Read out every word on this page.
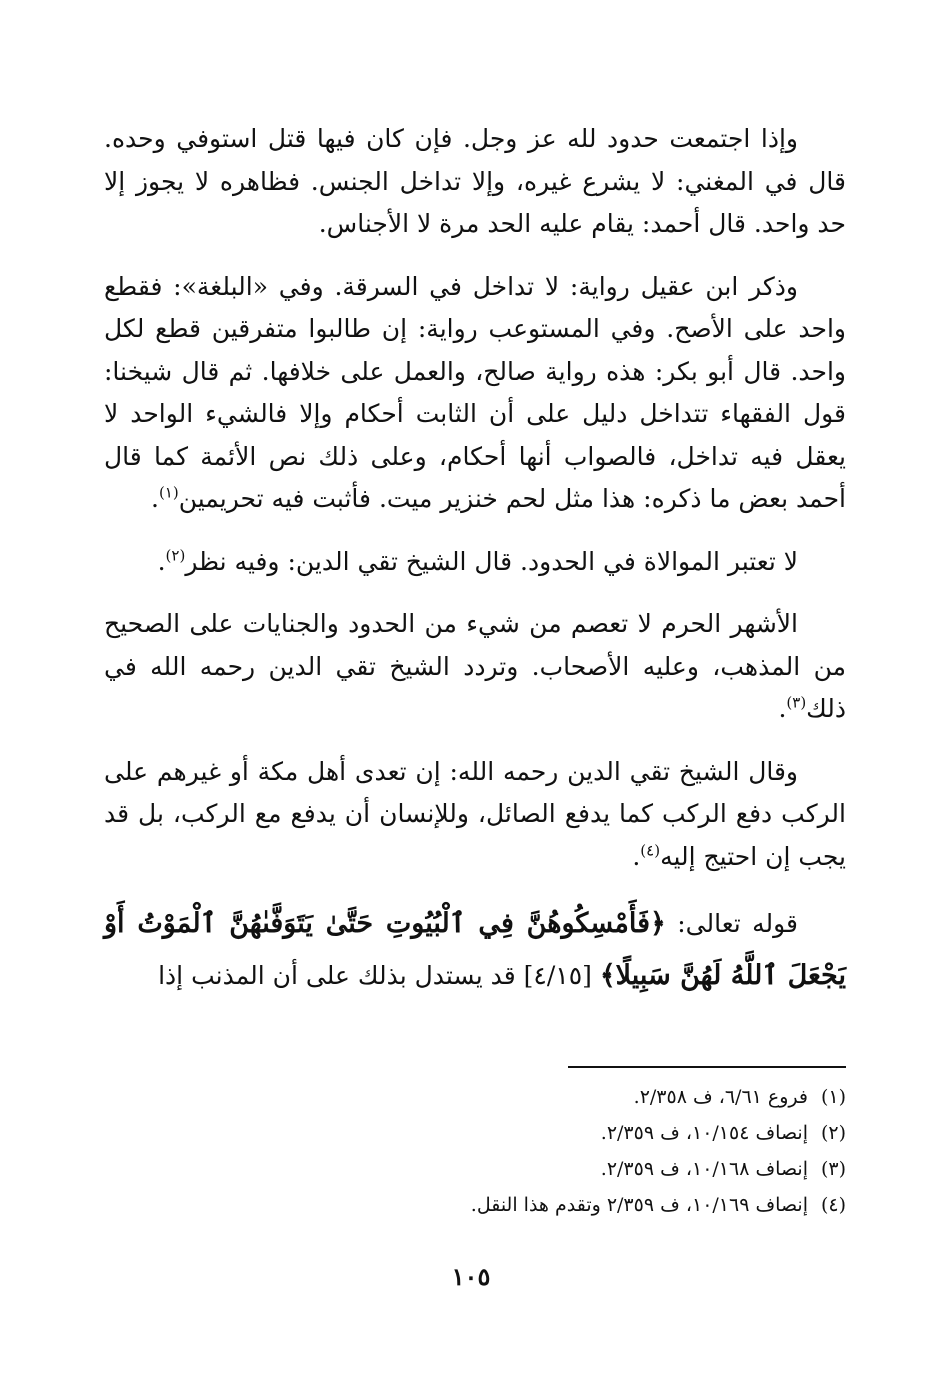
وإذا اجتمعت حدود لله عز وجل. فإن كان فيها قتل استوفي وحده. قال في المغني: لا يشرع غيره، وإلا تداخل الجنس. فظاهره لا يجوز إلا حد واحد. قال أحمد: يقام عليه الحد مرة لا الأجناس.

وذكر ابن عقيل رواية: لا تداخل في السرقة. وفي «البلغة»: فقطع واحد على الأصح. وفي المستوعب رواية: إن طالبوا متفرقين قطع لكل واحد. قال أبو بكر: هذه رواية صالح، والعمل على خلافها. ثم قال شيخنا: قول الفقهاء تتداخل دليل على أن الثابت أحكام وإلا فالشيء الواحد لا يعقل فيه تداخل، فالصواب أنها أحكام، وعلى ذلك نص الأئمة كما قال أحمد بعض ما ذكره: هذا مثل لحم خنزير ميت. فأثبت فيه تحريمين$^{(١)}$.

لا تعتبر الموالاة في الحدود. قال الشيخ تقي الدين: وفيه نظر$^{(٢)}$.

الأشهر الحرم لا تعصم من شيء من الحدود والجنايات على الصحيح من المذهب، وعليه الأصحاب. وتردد الشيخ تقي الدين رحمه الله في ذلك$^{(٣)}$.

وقال الشيخ تقي الدين رحمه الله: إن تعدى أهل مكة أو غيرهم على الركب دفع الركب كما يدفع الصائل، وللإنسان أن يدفع مع الركب، بل قد يجب إن احتيج إليه$^{(٤)}$.

قوله تعالى: ﴿فَأَمْسِكُوهُنَّ فِي ٱلْبُيُوتِ حَتَّىٰ يَتَوَفَّىٰهُنَّ ٱلْمَوْتُ أَوْ يَجْعَلَ ٱللَّهُ لَهُنَّ سَبِيلًا﴾ [٤/١٥] قد يستدل بذلك على أن المذنب إذا

(١)
فروع ٦/٦١، ف ٢/٣٥٨.
(٢)
إنصاف ١٠/١٥٤، ف ٢/٣٥٩.
(٣)
إنصاف ١٠/١٦٨، ف ٢/٣٥٩.
(٤)
إنصاف ١٠/١٦٩، ف ٢/٣٥٩ وتقدم هذا النقل.
١٠٥
